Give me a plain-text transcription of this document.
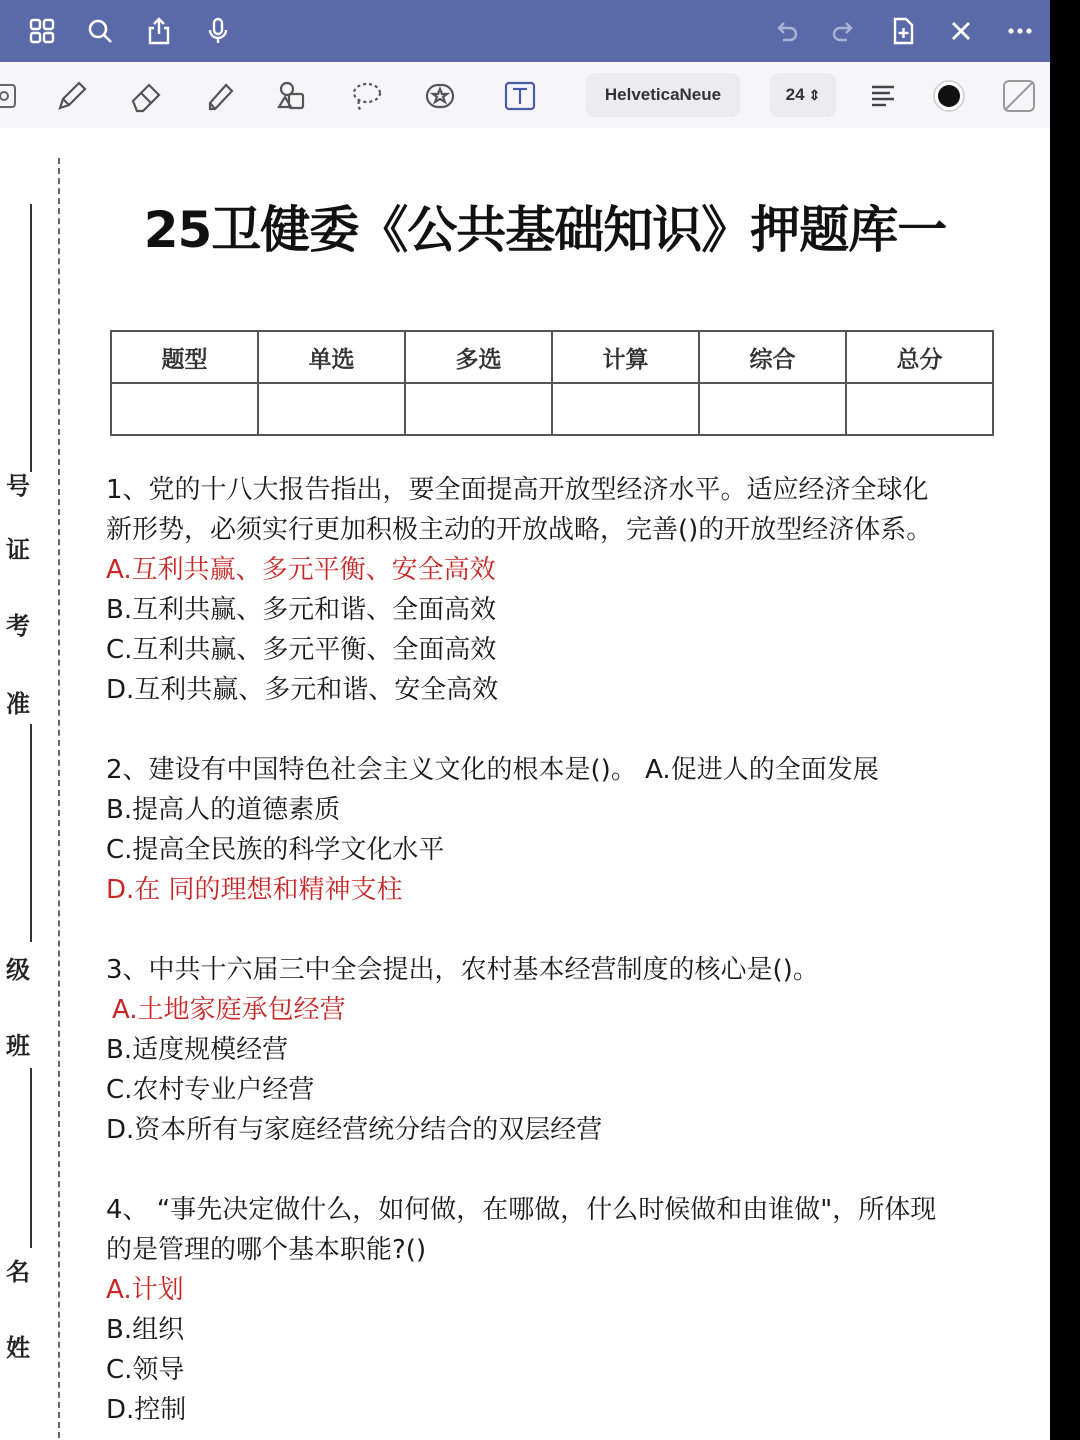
HelveticaNeue	24 ⇕
号
证
考
准
级
班
名
姓
25卫健委《公共基础知识》押题库一
题型	单选	多选	计算	综合	总分

1、党的十八大报告指出，要全面提高开放型经济水平。适应经济全球化
新形势，必须实行更加积极主动的开放战略，完善()的开放型经济体系。
A.互利共赢、多元平衡、安全高效
B.互利共赢、多元和谐、全面高效
C.互利共赢、多元平衡、全面高效
D.互利共赢、多元和谐、安全高效
2、建设有中国特色社会主义文化的根本是()。 A.促进人的全面发展
B.提高人的道德素质
C.提高全民族的科学文化水平
D.在 同的理想和精神支柱
3、中共十六届三中全会提出，农村基本经营制度的核心是()。
A.土地家庭承包经营
B.适度规模经营
C.农村专业户经营
D.资本所有与家庭经营统分结合的双层经营
4、 “事先决定做什么，如何做，在哪做，什么时候做和由谁做"，所体现
的是管理的哪个基本职能?()
A.计划
B.组织
C.领导
D.控制
